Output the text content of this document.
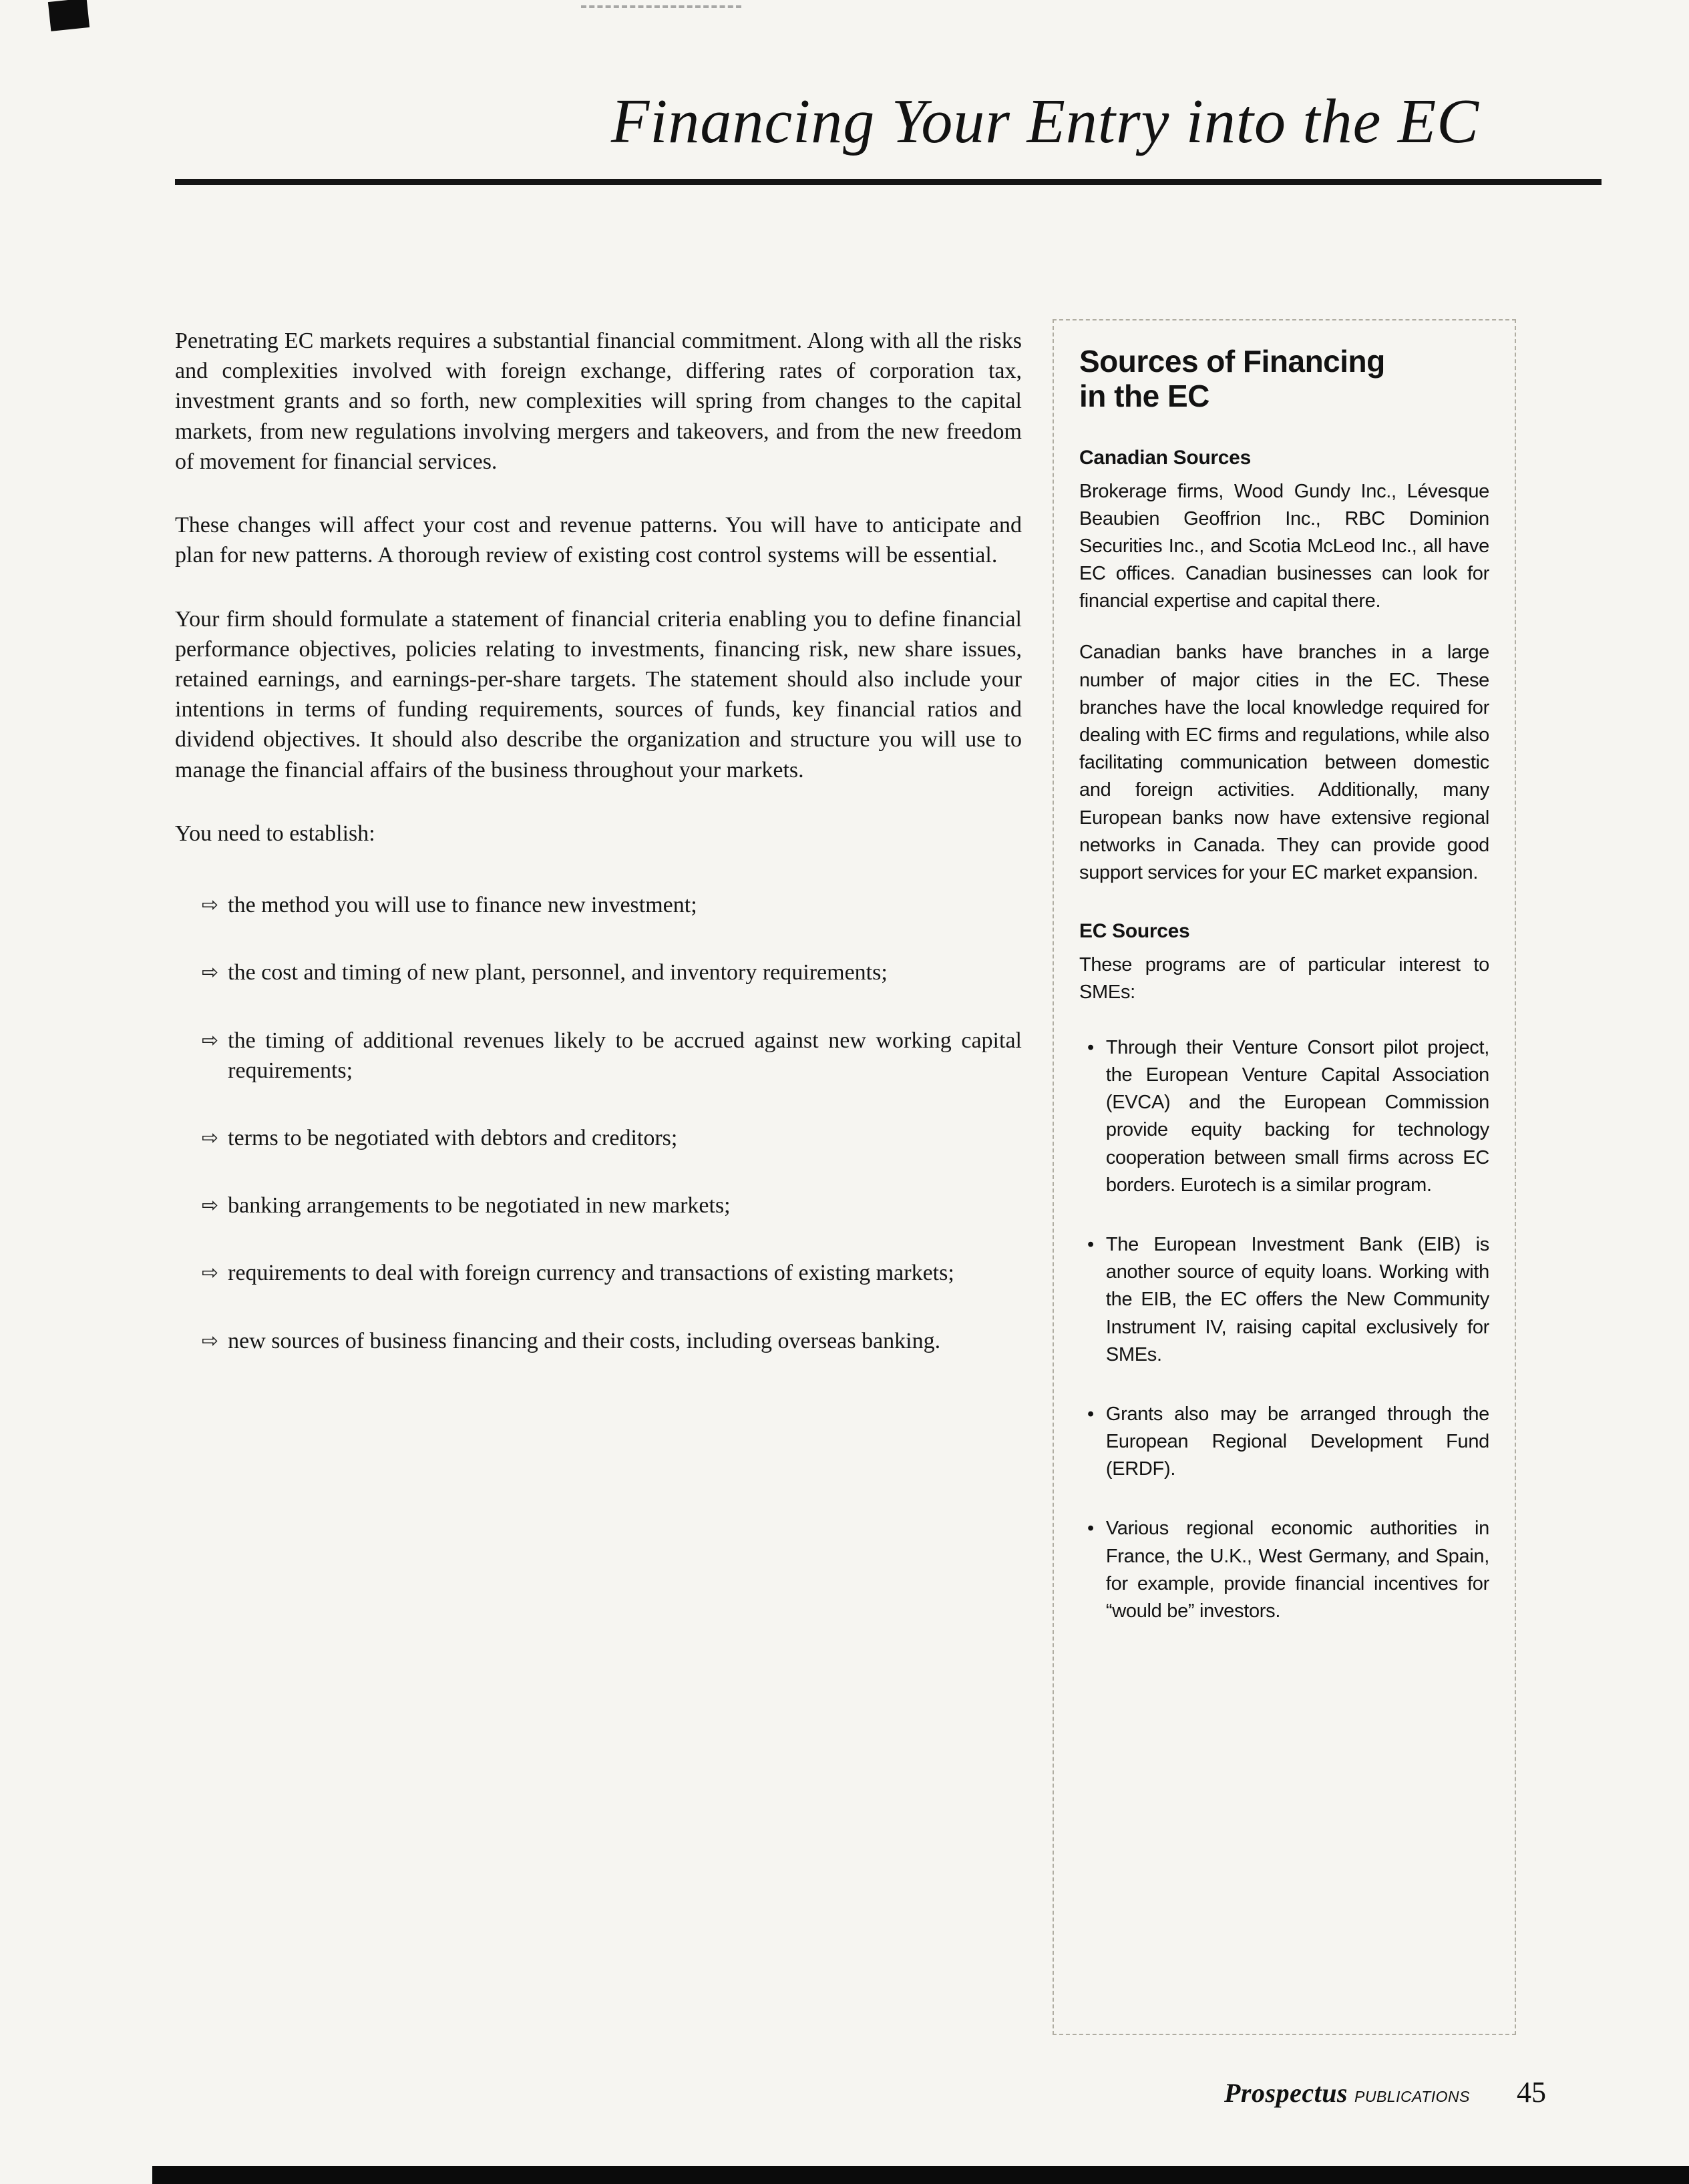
Financing Your Entry into the EC

Penetrating EC markets requires a substantial financial commitment. Along with all the risks and complexities involved with foreign exchange, differing rates of corporation tax, investment grants and so forth, new complexities will spring from changes to the capital markets, from new regulations involving mergers and takeovers, and from the new freedom of movement for financial services.

These changes will affect your cost and revenue patterns. You will have to anticipate and plan for new patterns. A thorough review of existing cost control systems will be essential.

Your firm should formulate a statement of financial criteria enabling you to define financial performance objectives, policies relating to investments, financing risk, new share issues, retained earnings, and earnings-per-share targets. The statement should also include your intentions in terms of funding requirements, sources of funds, key financial ratios and dividend objectives. It should also describe the organization and structure you will use to manage the financial affairs of the business throughout your markets.

You need to establish:

⇨ the method you will use to finance new investment;
⇨ the cost and timing of new plant, personnel, and inventory requirements;
⇨ the timing of additional revenues likely to be accrued against new working capital requirements;
⇨ terms to be negotiated with debtors and creditors;
⇨ banking arrangements to be negotiated in new markets;
⇨ requirements to deal with foreign currency and transactions of existing markets;
⇨ new sources of business financing and their costs, including overseas banking.
Sources of Financing in the EC
Canadian Sources

Brokerage firms, Wood Gundy Inc., Lévesque Beaubien Geoffrion Inc., RBC Dominion Securities Inc., and Scotia McLeod Inc., all have EC offices. Canadian businesses can look for financial expertise and capital there.

Canadian banks have branches in a large number of major cities in the EC. These branches have the local knowledge required for dealing with EC firms and regulations, while also facilitating communication between domestic and foreign activities. Additionally, many European banks now have extensive regional networks in Canada. They can provide good support services for your EC market expansion.

EC Sources

These programs are of particular interest to SMEs:

• Through their Venture Consort pilot project, the European Venture Capital Association (EVCA) and the European Commission provide equity backing for technology cooperation between small firms across EC borders. Eurotech is a similar program.
• The European Investment Bank (EIB) is another source of equity loans. Working with the EIB, the EC offers the New Community Instrument IV, raising capital exclusively for SMEs.
• Grants also may be arranged through the European Regional Development Fund (ERDF).
• Various regional economic authorities in France, the U.K., West Germany, and Spain, for example, provide financial incentives for “would be” investors.
Prospectus PUBLICATIONS 45
